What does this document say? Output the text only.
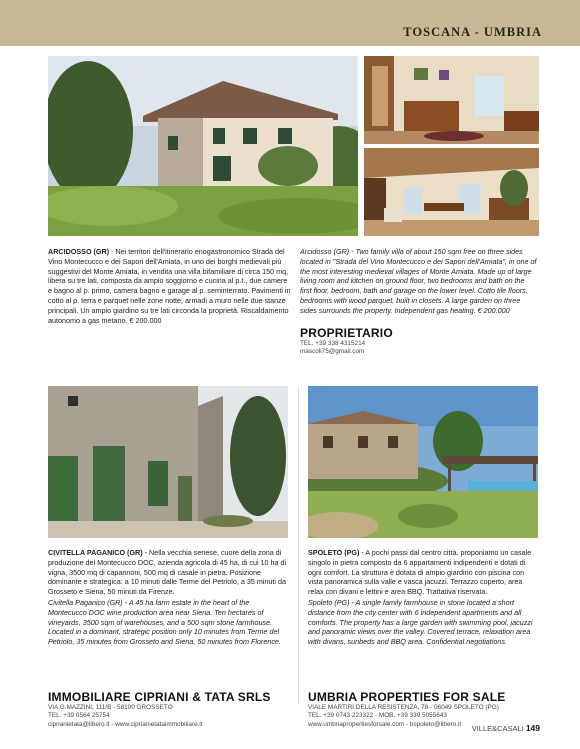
TOSCANA - UMBRIA
ARCIDOSSO (GR) - Nei territori dell'itinerario enogastronomico Strada del Vino Montecucco e dei Sapori dell'Amiata, in uno dei borghi medievali più suggestivi del Monte Amiata, in vendita una villa bifamiliare di circa 150 mq, libera su tre lati, composta da ampio soggiorno e cucina al p.t., due camere e bagno al p. primo, camera bagno e garage al p. seminterrato. Pavimenti in cotto al p. terra e parquet nelle zone notte, armadi a muro nelle due stanze principali. Un ampio giardino su tre lati circonda la proprietà. Riscaldamento autonomo a gas metano. € 200.000
Arcidosso (GR) - Two family villa of about 150 sqm free on three sides located in "Strada del Vino Montecucco e dei Sapori dell'Amiata", in one of the most interesting medieval villages of Monte Amiata. Made up of large living room and kitchen on ground floor, two bedrooms and bath on the first floor, bedroom, bath and garage on the lower level. Cotto tile floors, bedrooms with wood parquet, built in closets. A large garden on three sides surrounds the property. Independent gas heating. € 200.000
PROPRIETARIO
TEL. +39 338 4315214
mascoli75@gmail.com
CIVITELLA PAGANICO (GR) - Nella vecchia senese, cuore della zona di produzione del Montecucco DOC, azienda agricola di 45 ha, di cui 10 ha di vigna, 3500 mq di capannoni, 500 mq di casale in pietra. Posizione dominante e strategica: a 10 minuti dalle Terme del Petriolo, a 35 minuti da Grosseto e Siena, 50 minuti da Firenze.
Civitella Paganico (GR) - A 45 ha farm estate in the heart of the Montecucco DOC wine production area near Siena. Ten hectares of vineyards, 3500 sqm of warehouses, and a 500 sqm stone farmhouse. Located in a dominant, strategic position only 10 minutes from Terme del Petriolo, 35 minutes from Grosseto and Siena, 50 minutes from Florence.
SPOLETO (PG) - A pochi passi dal centro città, proponiamo un casale singolo in pietra composto da 6 appartamenti indipendenti e dotati di ogni comfort. La struttura è dotata di ampio giardino con piscina con vista panoramica sulla valle e vasca jacuzzi. Terrazzo coperto, area relax con divani e lettini e area BBQ. Trattativa riservata.
Spoleto (PG) - A single family farmhouse in stone located a short distance from the city center with 6 independent apartments and all comforts. The property has a large garden with swimming pool, jacuzzi and panoramic views over the valley. Covered terrace, relaxation area with divans, sunbeds and BBQ area. Confidential negotiations.
IMMOBILIARE CIPRIANI & TATA SRLS
VIA G.MAZZINI, 111/B - 58100 GROSSETO
TEL. +39 0564 25754
ciprianietata@libero.it - www.ciprianietataimmobiliare.it
UMBRIA PROPERTIES FOR SALE
VIALE MARTIRI DELLA RESISTENZA, 78 - 06049 SPOLETO (PG)
TEL. +39 0743 223322 - MOB. +39 339 5055643
www.umbriapropertiesforsale.com - bspoleto@libero.it	VILLE&CASALI 149
